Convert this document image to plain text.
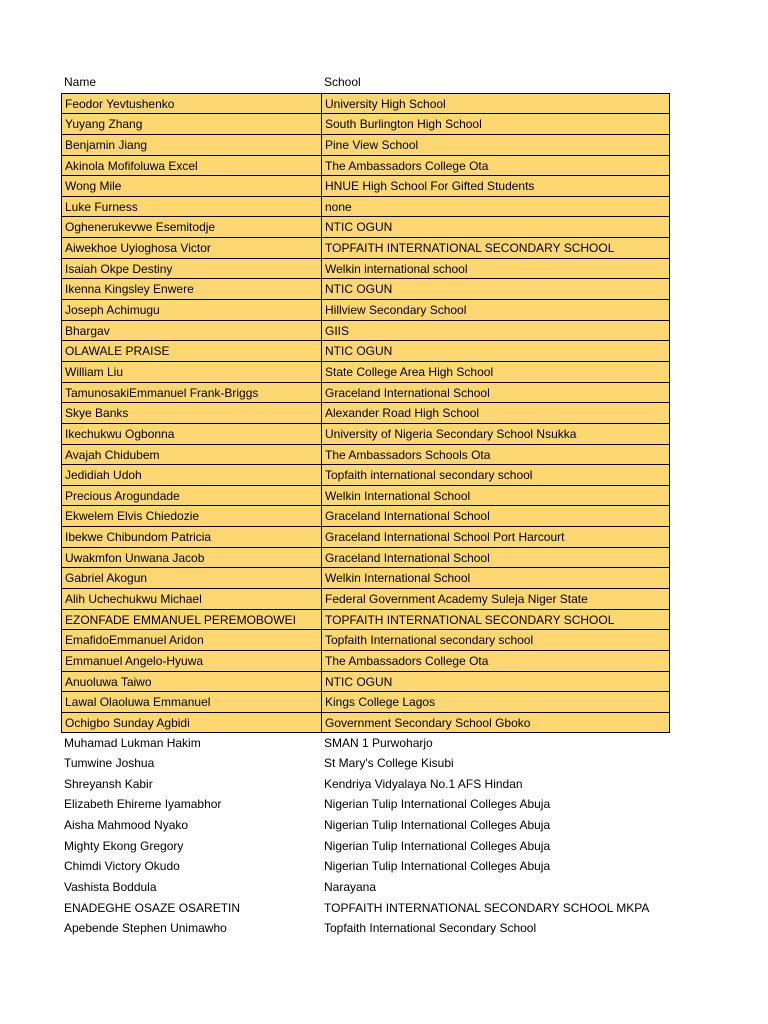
Name	School
Feodor Yevtushenko	University High School
Yuyang Zhang	South Burlington High School
Benjamin Jiang	Pine View School
Akinola Mofifoluwa Excel	The Ambassadors College Ota
Wong Mile	HNUE High School For Gifted Students
Luke Furness	none
Oghenerukevwe Esemitodje	NTIC OGUN
Aiwekhoe Uyioghosa Victor	TOPFAITH INTERNATIONAL SECONDARY SCHOOL
Isaiah Okpe Destiny	Welkin international school
Ikenna Kingsley Enwere	NTIC OGUN
Joseph Achimugu	Hillview Secondary School
Bhargav	GIIS
OLAWALE PRAISE	NTIC OGUN
William Liu	State College Area High School
TamunosakiEmmanuel Frank-Briggs	Graceland International School
Skye Banks	Alexander Road High School
Ikechukwu Ogbonna	University of Nigeria Secondary School Nsukka
Avajah Chidubem	The Ambassadors Schools Ota
Jedidiah Udoh	Topfaith international secondary school
Precious Arogundade	Welkin International School
Ekwelem Elvis Chiedozie	Graceland International School
Ibekwe Chibundom Patricia	Graceland International School Port Harcourt
Uwakmfon Unwana Jacob	Graceland International School
Gabriel Akogun	Welkin International School
Alih Uchechukwu Michael	Federal Government Academy Suleja Niger State
EZONFADE EMMANUEL PEREMOBOWEI	TOPFAITH INTERNATIONAL SECONDARY SCHOOL
EmafidoEmmanuel Aridon	Topfaith International secondary school
Emmanuel Angelo-Hyuwa	The Ambassadors College Ota
Anuoluwa Taiwo	NTIC OGUN
Lawal Olaoluwa Emmanuel	Kings College Lagos
Ochigbo Sunday Agbidi	Government Secondary School Gboko
Muhamad Lukman Hakim	SMAN 1 Purwoharjo
Tumwine Joshua	St Mary's College Kisubi
Shreyansh Kabir	Kendriya Vidyalaya No.1 AFS Hindan
Elizabeth Ehireme Iyamabhor	Nigerian Tulip International Colleges Abuja
Aisha Mahmood Nyako	Nigerian Tulip International Colleges Abuja
Mighty Ekong Gregory	Nigerian Tulip International Colleges Abuja
Chimdi Victory Okudo	Nigerian Tulip International Colleges Abuja
Vashista Boddula	Narayana
ENADEGHE OSAZE OSARETIN	TOPFAITH INTERNATIONAL SECONDARY SCHOOL MKPA
Apebende Stephen Unimawho	Topfaith International Secondary School
